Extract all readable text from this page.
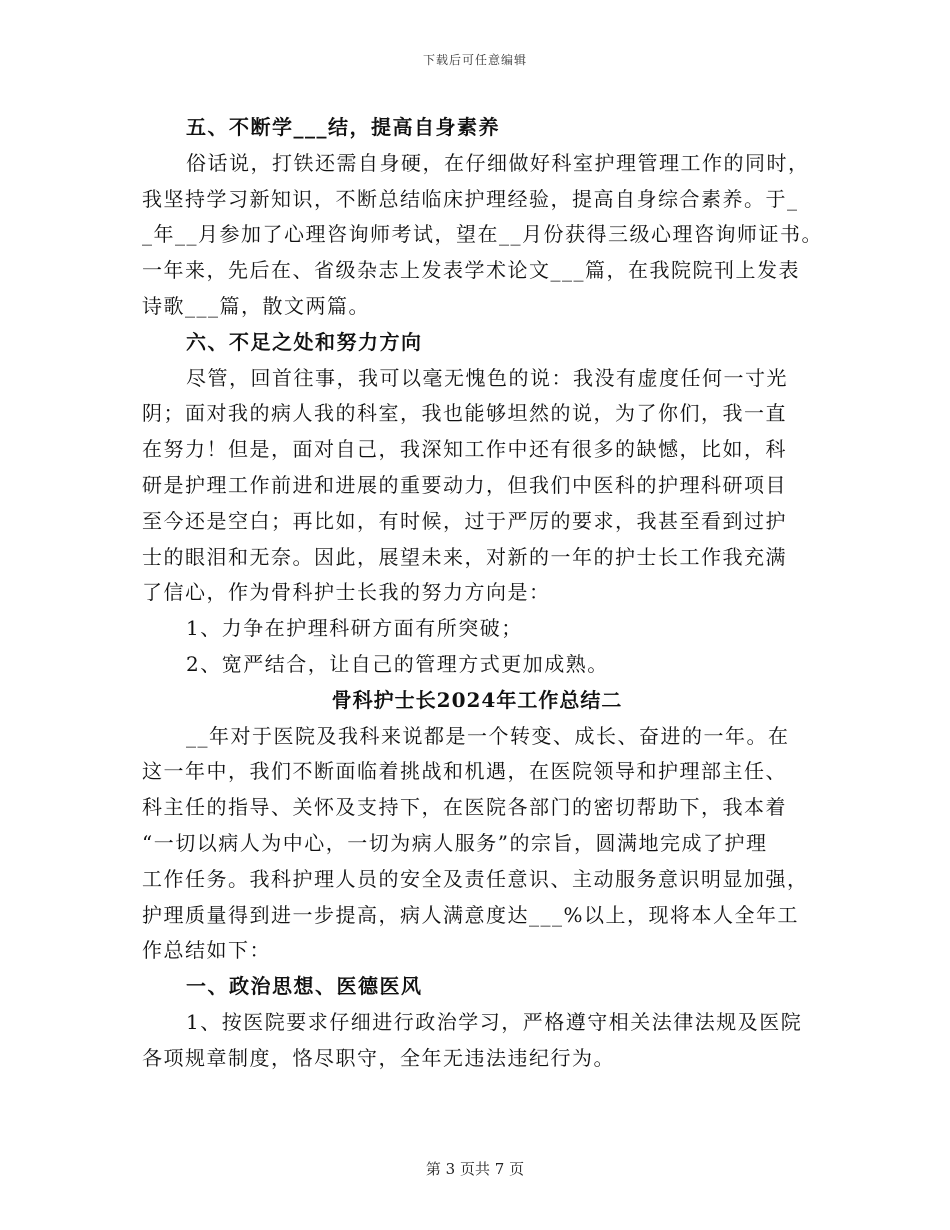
下载后可任意编辑
五、不断学___结，提高自身素养
俗话说，打铁还需自身硬，在仔细做好科室护理管理工作的同时，
我坚持学习新知识，不断总结临床护理经验，提高自身综合素养。于_
_年__月参加了心理咨询师考试，望在__月份获得三级心理咨询师证书。
一年来，先后在、省级杂志上发表学术论文___篇，在我院院刊上发表
诗歌___篇，散文两篇。
六、不足之处和努力方向
尽管，回首往事，我可以毫无愧色的说：我没有虚度任何一寸光
阴；面对我的病人我的科室，我也能够坦然的说，为了你们，我一直
在努力！但是，面对自己，我深知工作中还有很多的缺憾，比如，科
研是护理工作前进和进展的重要动力，但我们中医科的护理科研项目
至今还是空白；再比如，有时候，过于严厉的要求，我甚至看到过护
士的眼泪和无奈。因此，展望未来，对新的一年的护士长工作我充满
了信心，作为骨科护士长我的努力方向是：
1、力争在护理科研方面有所突破；
2、宽严结合，让自己的管理方式更加成熟。
骨科护士长2024年工作总结二
__年对于医院及我科来说都是一个转变、成长、奋进的一年。在
这一年中，我们不断面临着挑战和机遇，在医院领导和护理部主任、
科主任的指导、关怀及支持下，在医院各部门的密切帮助下，我本着
“一切以病人为中心，一切为病人服务”的宗旨，圆满地完成了护理
工作任务。我科护理人员的安全及责任意识、主动服务意识明显加强，
护理质量得到进一步提高，病人满意度达___%以上，现将本人全年工
作总结如下：
一、政治思想、医德医风
1、按医院要求仔细进行政治学习，严格遵守相关法律法规及医院
各项规章制度，恪尽职守，全年无违法违纪行为。
第 3 页共 7 页
